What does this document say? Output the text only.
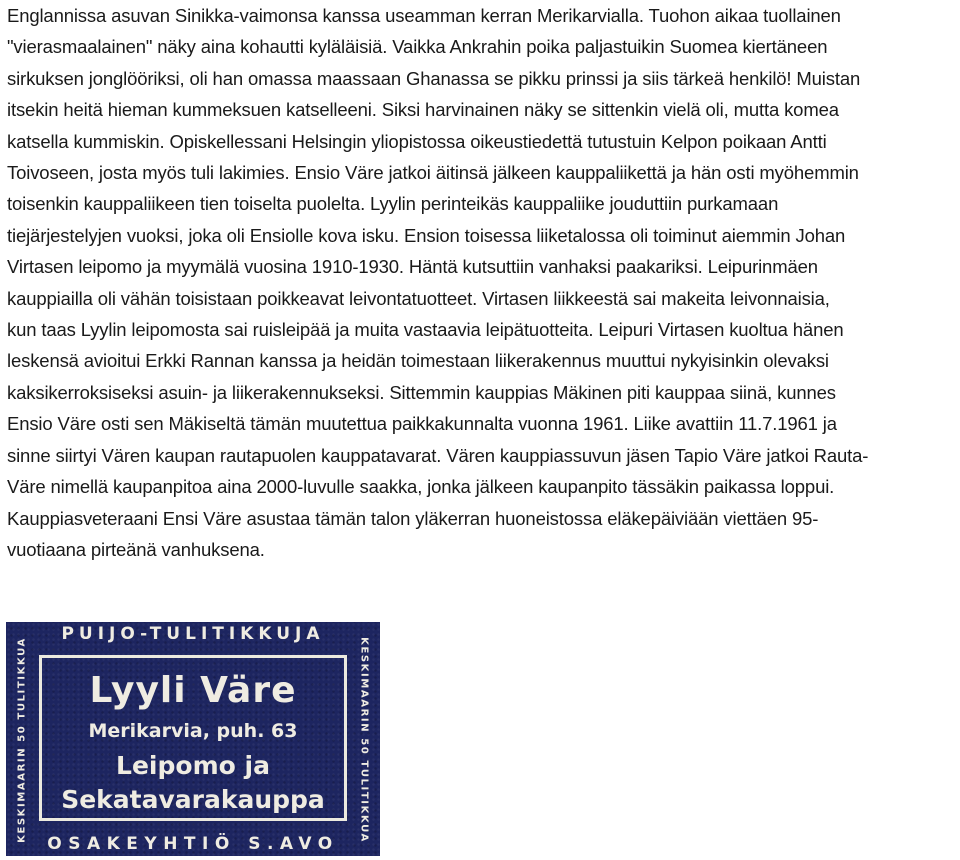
Englannissa asuvan Sinikka-vaimonsa kanssa useamman kerran Merikarvialla. Tuohon aikaa tuollainen
"vierasmaalainen" näky aina kohautti kyläläisiä. Vaikka Ankrahin poika paljastuikin Suomea kiertäneen
sirkuksen jonglööriksi, oli han omassa maassaan Ghanassa se pikku prinssi ja siis tärkeä henkilö! Muistan
itsekin heitä hieman kummeksuen katselleeni. Siksi harvinainen näky se sittenkin vielä oli, mutta komea
katsella kummiskin. Opiskellessani Helsingin yliopistossa oikeustiedettä tutustuin Kelpon poikaan Antti
Toivoseen, josta myös tuli lakimies. Ensio Väre jatkoi äitinsä jälkeen kauppaliikettä ja hän osti myöhemmin
toisenkin kauppaliikeen tien toiselta puolelta. Lyylin perinteikäs kauppaliike jouduttiin purkamaan
tiejärjestelyjen vuoksi, joka oli Ensiolle kova isku. Ension toisessa liiketalossa oli toiminut aiemmin Johan
Virtasen leipomo ja myymälä vuosina 1910-1930. Häntä kutsuttiin vanhaksi paakariksi. Leipurinmäen
kauppiailla oli vähän toisistaan poikkeavat leivontatuotteet. Virtasen liikkeestä sai makeita leivonnaisia,
kun taas Lyylin leipomosta sai ruisleipää ja muita vastaavia leipätuotteita. Leipuri Virtasen kuoltua hänen
leskensä avioitui Erkki Rannan kanssa ja heidän toimestaan liikerakennus muuttui nykyisinkin olevaksi
kaksikerroksiseksi asuin- ja liikerakennukseksi. Sittemmin kauppias Mäkinen piti kauppaa siinä, kunnes
Ensio Väre osti sen Mäkiseltä tämän muutettua paikkakunnalta vuonna 1961. Liike avattiin 11.7.1961 ja
sinne siirtyi Vären kaupan rautapuolen kauppatavarat. Vären kauppiassuvun jäsen Tapio Väre jatkoi Rauta-
Väre nimellä kaupanpitoa aina 2000-luvulle saakka, jonka jälkeen kaupanpito tässäkin paikassa loppui.
Kauppiasveteraani Ensi Väre asustaa tämän talon yläkerran huoneistossa eläkepäiviään viettäen 95-
vuotiaana pirteänä vanhuksena.
PUIJO-TULITIKKUJA
KESKIMAARIN 50 TULITIKKUA	KESKIMAARIN 50 TULITIKKUA
Lyyli Väre
Merikarvia, puh. 63
Leipomo ja
Sekatavarakauppa
OSAKEYHTIÖ S.AVO
